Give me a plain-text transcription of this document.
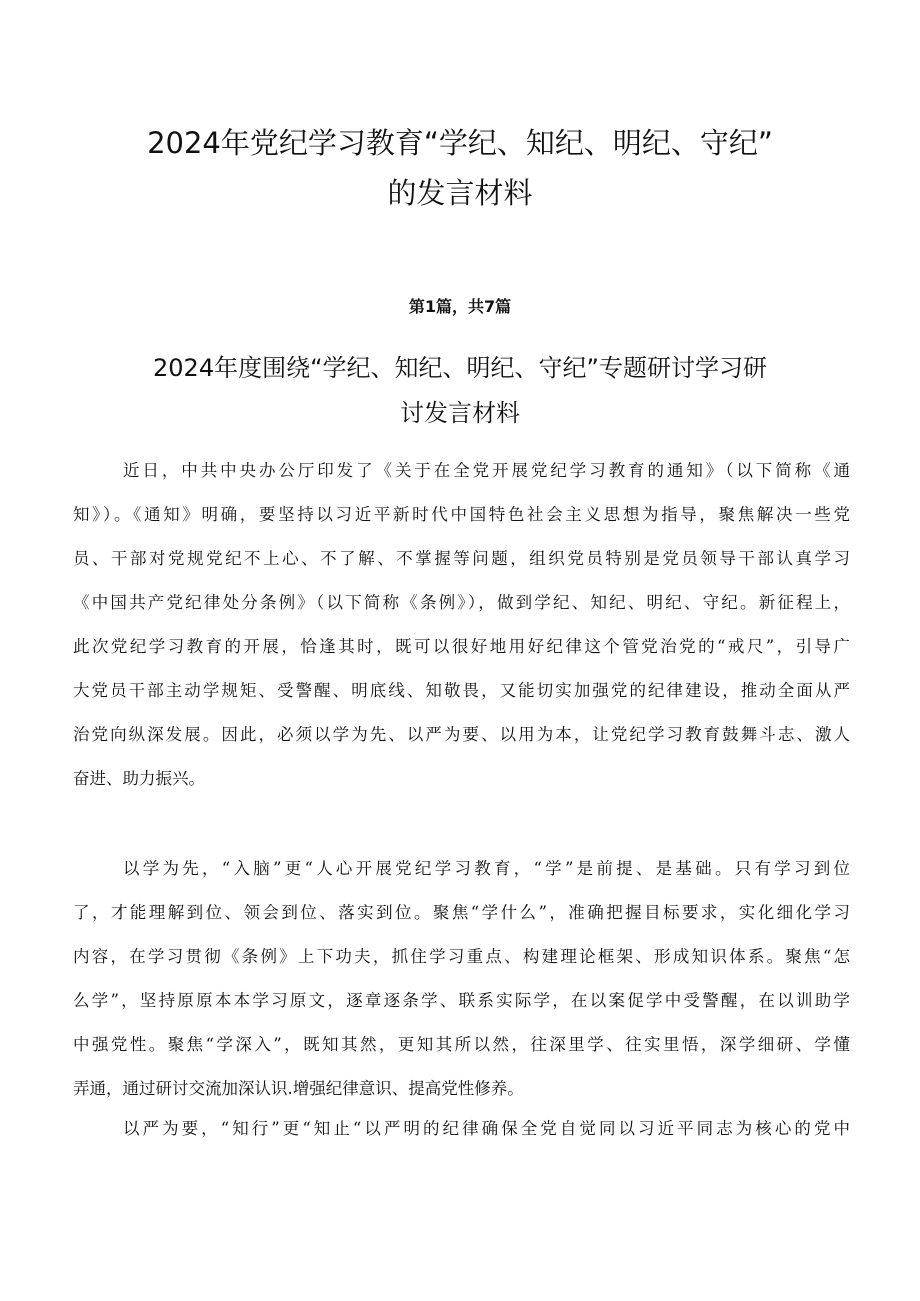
2024年党纪学习教育“学纪、知纪、明纪、守纪”
的发言材料
第1篇，共7篇
2024年度围绕“学纪、知纪、明纪、守纪”专题研讨学习研
讨发言材料
近日，中共中央办公厅印发了《关于在全党开展党纪学习教育的通知》（以下简称《通
知》）。《通知》明确，要坚持以习近平新时代中国特色社会主义思想为指导，聚焦解决一些党
员、干部对党规党纪不上心、不了解、不掌握等问题，组织党员特别是党员领导干部认真学习
《中国共产党纪律处分条例》（以下简称《条例》），做到学纪、知纪、明纪、守纪。新征程上，
此次党纪学习教育的开展，恰逢其时，既可以很好地用好纪律这个管党治党的“戒尺”，引导广
大党员干部主动学规矩、受警醒、明底线、知敬畏，又能切实加强党的纪律建设，推动全面从严
治党向纵深发展。因此，必须以学为先、以严为要、以用为本，让党纪学习教育鼓舞斗志、激人
奋进、助力振兴。
以学为先，“入脑”更“人心开展党纪学习教育，“学”是前提、是基础。只有学习到位
了，才能理解到位、领会到位、落实到位。聚焦“学什么”，准确把握目标要求，实化细化学习
内容，在学习贯彻《条例》上下功夫，抓住学习重点、构建理论框架、形成知识体系。聚焦“怎
么学”，坚持原原本本学习原文，逐章逐条学、联系实际学，在以案促学中受警醒，在以训助学
中强党性。聚焦“学深入”，既知其然，更知其所以然，往深里学、往实里悟，深学细研、学懂
弄通，通过研讨交流加深认识.增强纪律意识、提高党性修养。
以严为要，“知行”更“知止“以严明的纪律确保全党自觉同以习近平同志为核心的党中
